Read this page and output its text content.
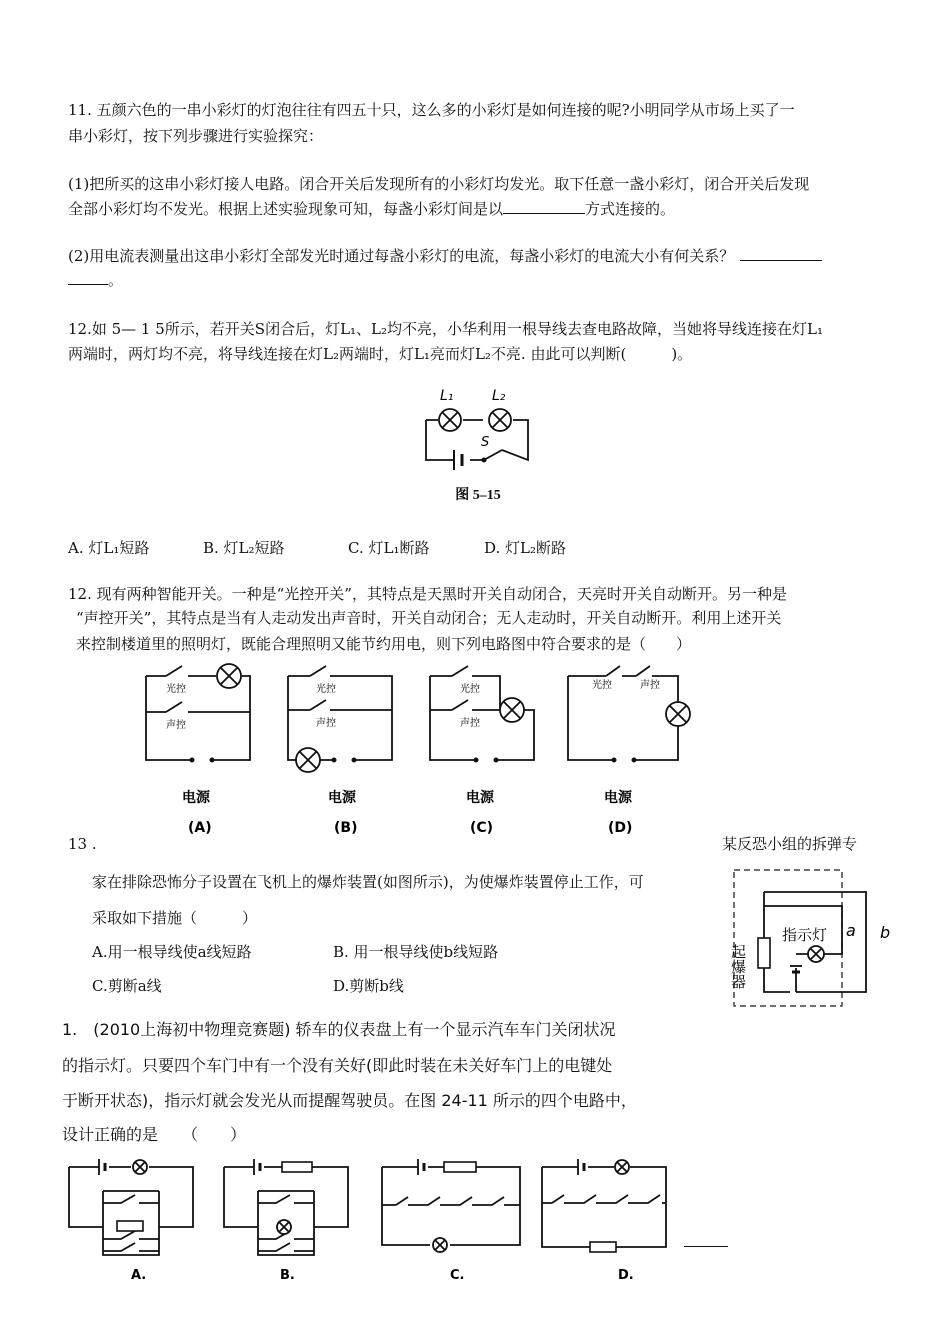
11. 五颜六色的一串小彩灯的灯泡往往有四五十只，这么多的小彩灯是如何连接的呢?小明同学从市场上买了一
串小彩灯，按下列步骤进行实验探究：
(1)把所买的这串小彩灯接人电路。闭合开关后发现所有的小彩灯均发光。取下任意一盏小彩灯，闭合开关后发现
全部小彩灯均不发光。根据上述实验现象可知，每盏小彩灯间是以	方式连接的。
(2)用电流表测量出这串小彩灯全部发光时通过每盏小彩灯的电流，每盏小彩灯的电流大小有何关系？
。
12.如 5— 1 5所示，若开关S闭合后，灯L₁、L₂均不亮，小华利用一根导线去查电路故障，当她将导线连接在灯L₁
两端时，两灯均不亮，将导线连接在灯L₂两端时，灯L₁亮而灯L₂不亮. 由此可以判断(　　　)。
L₁	L₂
S
图 5–15
A. 灯L₁短路	B. 灯L₂短路	C. 灯L₁断路	D. 灯L₂断路
12. 现有两种智能开关。一种是“光控开关”，其特点是天黑时开关自动闭合，天亮时开关自动断开。另一种是
“声控开关”，其特点是当有人走动发出声音时，开关自动闭合；无人走动时，开关自动断开。利用上述开关
来控制楼道里的照明灯，既能合理照明又能节约用电，则下列电路图中符合要求的是（　　）
光控
声控
电源
(A)
光控
声控
电源
(B)
光控
声控
电源
(C)
光控	声控
电源
(D)
13 .	某反恐小组的拆弹专
家在排除恐怖分子设置在飞机上的爆炸装置(如图所示)，为使爆炸装置停止工作，可
采取如下措施（　　　）
A.用一根导线使a线短路	B. 用一根导线使b线短路
C.剪断a线	D.剪断b线
指示灯 a b
起爆器
1.　(2010上海初中物理竞赛题) 轿车的仪表盘上有一个显示汽车车门关闭状况
的指示灯。只要四个车门中有一个没有关好(即此时装在未关好车门上的电键处
于断开状态)，指示灯就会发光从而提醒驾驶员。在图 24-11 所示的四个电路中，
设计正确的是　　（　　）
A.	B.	C.	D.
